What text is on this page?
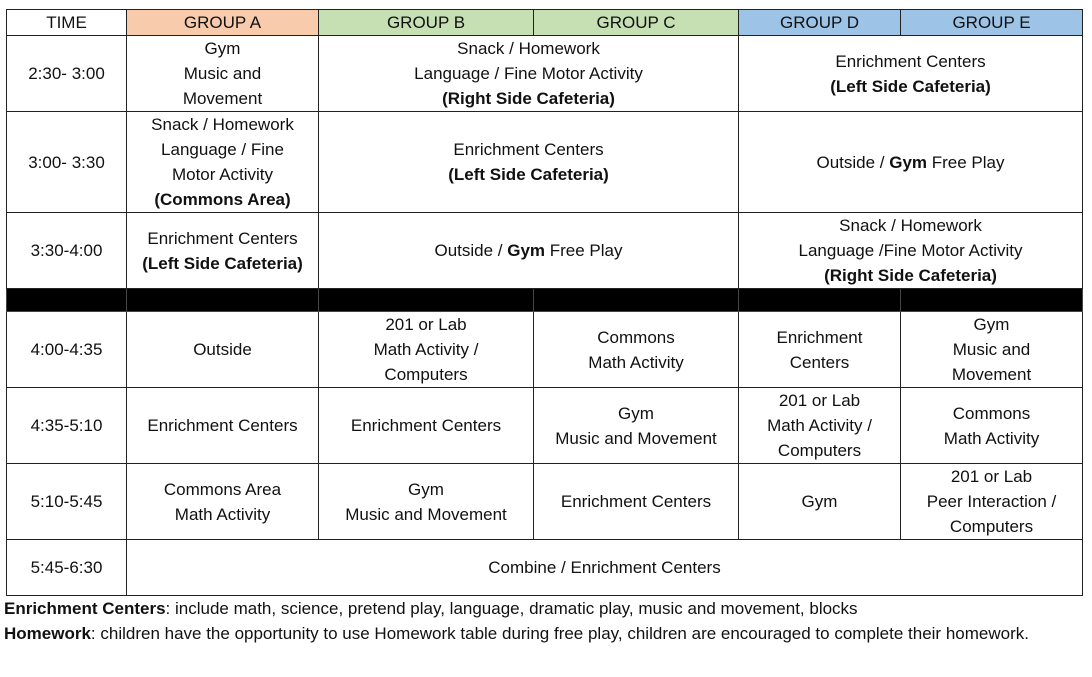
TIME	GROUP A	GROUP B	GROUP C	GROUP D	GROUP E
2:30- 3:00	Gym
Music and
Movement	Snack / Homework
Language / Fine Motor Activity
(Right Side Cafeteria)		Enrichment Centers
(Left Side Cafeteria)	

3:00- 3:30	Snack / Homework
Language / Fine
Motor Activity
(Commons Area)	Enrichment Centers
(Left Side Cafeteria)		Outside / Gym Free Play	
3:30-4:00	Enrichment Centers
(Left Side Cafeteria)	Outside / Gym Free Play		Snack / Homework
Language /Fine Motor Activity
(Right Side Cafeteria)	

4:00-4:35	Outside	201 or Lab
Math Activity /
Computers	Commons
Math Activity	Enrichment
Centers	Gym
Music and
Movement

4:35-5:10	Enrichment Centers	Enrichment Centers	Gym
Music and Movement	201 or Lab
Math Activity /
Computers	Commons
Math Activity

5:10-5:45	Commons Area
Math Activity	Gym
Music and Movement	Enrichment Centers	Gym	201 or Lab
Peer Interaction /
Computers

5:45-6:30	Combine / Enrichment Centers				
Enrichment Centers: include math, science, pretend play, language, dramatic play, music and movement, blocks
Homework: children have the opportunity to use Homework table during free play, children are encouraged to complete their homework.
